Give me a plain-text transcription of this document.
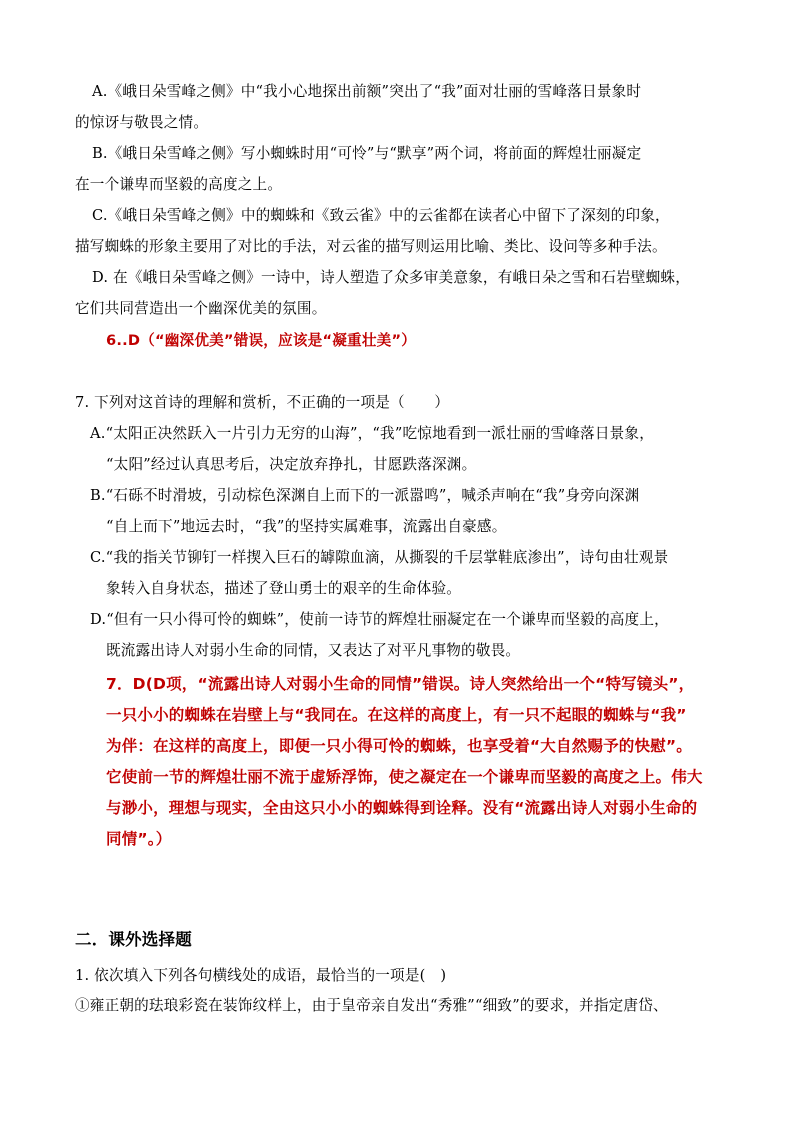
A.《峨日朵雪峰之侧》中“我小心地探出前额”突出了“我”面对壮丽的雪峰落日景象时
的惊讶与敬畏之情。
B.《峨日朵雪峰之侧》写小蜘蛛时用“可怜”与“默享”两个词，将前面的辉煌壮丽凝定
在一个谦卑而坚毅的高度之上。
C.《峨日朵雪峰之侧》中的蜘蛛和《致云雀》中的云雀都在读者心中留下了深刻的印象，
描写蜘蛛的形象主要用了对比的手法，对云雀的描写则运用比喻、类比、设问等多种手法。
D. 在《峨日朵雪峰之侧》一诗中，诗人塑造了众多审美意象，有峨日朵之雪和石岩壁蜘蛛，
它们共同营造出一个幽深优美的氛围。
6..D（“幽深优美”错误，应该是“凝重壮美”）
7. 下列对这首诗的理解和赏析，不正确的一项是（　　）
A.“太阳正决然跃入一片引力无穷的山海”，“我”吃惊地看到一派壮丽的雪峰落日景象，
“太阳”经过认真思考后，决定放弃挣扎，甘愿跌落深渊。
B.“石砾不时滑坡，引动棕色深渊自上而下的一派嚣鸣”，喊杀声响在“我”身旁向深渊
“自上而下”地远去时，“我”的坚持实属难事，流露出自豪感。
C.“我的指关节铆钉一样揳入巨石的罅隙血滴，从撕裂的千层掌鞋底渗出”，诗句由壮观景
象转入自身状态，描述了登山勇士的艰辛的生命体验。
D.“但有一只小得可怜的蜘蛛”，使前一诗节的辉煌壮丽凝定在一个谦卑而坚毅的高度上，
既流露出诗人对弱小生命的同情，又表达了对平凡事物的敬畏。
7．D(D项，“流露出诗人对弱小生命的同情”错误。诗人突然给出一个“特写镜头”，
一只小小的蜘蛛在岩壁上与“我同在。在这样的高度上，有一只不起眼的蜘蛛与“我”
为伴：在这样的高度上，即便一只小得可怜的蜘蛛，也享受着“大自然赐予的快慰”。
它使前一节的辉煌壮丽不流于虚矫浮饰，使之凝定在一个谦卑而坚毅的高度之上。伟大
与渺小，理想与现实，全由这只小小的蜘蛛得到诠释。没有“流露出诗人对弱小生命的
同情”。）
二．课外选择题
1. 依次填入下列各句横线处的成语，最恰当的一项是(　)
①雍正朝的珐琅彩瓷在装饰纹样上，由于皇帝亲自发出“秀雅”“细致”的要求，并指定唐岱、
